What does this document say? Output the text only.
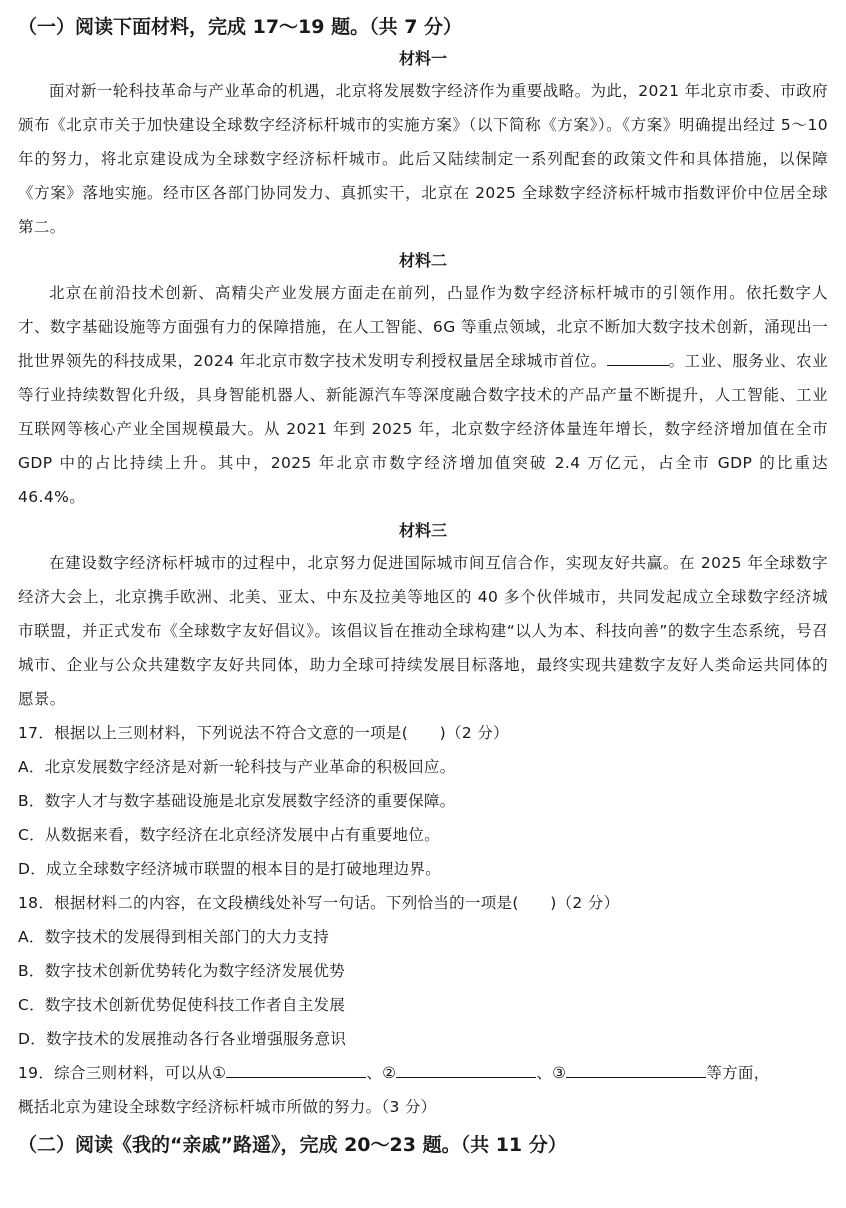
（一）阅读下面材料，完成 17～19 题。（共 7 分）

材料一

面对新一轮科技革命与产业革命的机遇，北京将发展数字经济作为重要战略。为此，2021 年北京市委、市政府颁布《北京市关于加快建设全球数字经济标杆城市的实施方案》（以下简称《方案》）。《方案》明确提出经过 5～10 年的努力，将北京建设成为全球数字经济标杆城市。此后又陆续制定一系列配套的政策文件和具体措施，以保障《方案》落地实施。经市区各部门协同发力、真抓实干，北京在 2025 全球数字经济标杆城市指数评价中位居全球第二。

材料二

北京在前沿技术创新、高精尖产业发展方面走在前列，凸显作为数字经济标杆城市的引领作用。依托数字人才、数字基础设施等方面强有力的保障措施，在人工智能、6G 等重点领域，北京不断加大数字技术创新，涌现出一批世界领先的科技成果，2024 年北京市数字技术发明专利授权量居全球城市首位。	。工业、服务业、农业等行业持续数智化升级，具身智能机器人、新能源汽车等深度融合数字技术的产品产量不断提升，人工智能、工业互联网等核心产业全国规模最大。从 2021 年到 2025 年，北京数字经济体量连年增长，数字经济增加值在全市 GDP 中的占比持续上升。其中，2025 年北京市数字经济增加值突破 2.4 万亿元，占全市 GDP 的比重达 46.4%。

材料三

在建设数字经济标杆城市的过程中，北京努力促进国际城市间互信合作，实现友好共赢。在 2025 年全球数字经济大会上，北京携手欧洲、北美、亚太、中东及拉美等地区的 40 多个伙伴城市，共同发起成立全球数字经济城市联盟，并正式发布《全球数字友好倡议》。该倡议旨在推动全球构建“以人为本、科技向善”的数字生态系统，号召城市、企业与公众共建数字友好共同体，助力全球可持续发展目标落地，最终实现共建数字友好人类命运共同体的愿景。

17．根据以上三则材料，下列说法不符合文意的一项是(　　)（2 分）

A．北京发展数字经济是对新一轮科技与产业革命的积极回应。

B．数字人才与数字基础设施是北京发展数字经济的重要保障。

C．从数据来看，数字经济在北京经济发展中占有重要地位。

D．成立全球数字经济城市联盟的根本目的是打破地理边界。

18．根据材料二的内容，在文段横线处补写一句话。下列恰当的一项是(　　)（2 分）

A．数字技术的发展得到相关部门的大力支持

B．数字技术创新优势转化为数字经济发展优势

C．数字技术创新优势促使科技工作者自主发展

D．数字技术的发展推动各行各业增强服务意识

19．综合三则材料，可以从①	、②	、③	等方面，

概括北京为建设全球数字经济标杆城市所做的努力。（3 分）

（二）阅读《我的“亲戚”路遥》，完成 20～23 题。（共 11 分）
